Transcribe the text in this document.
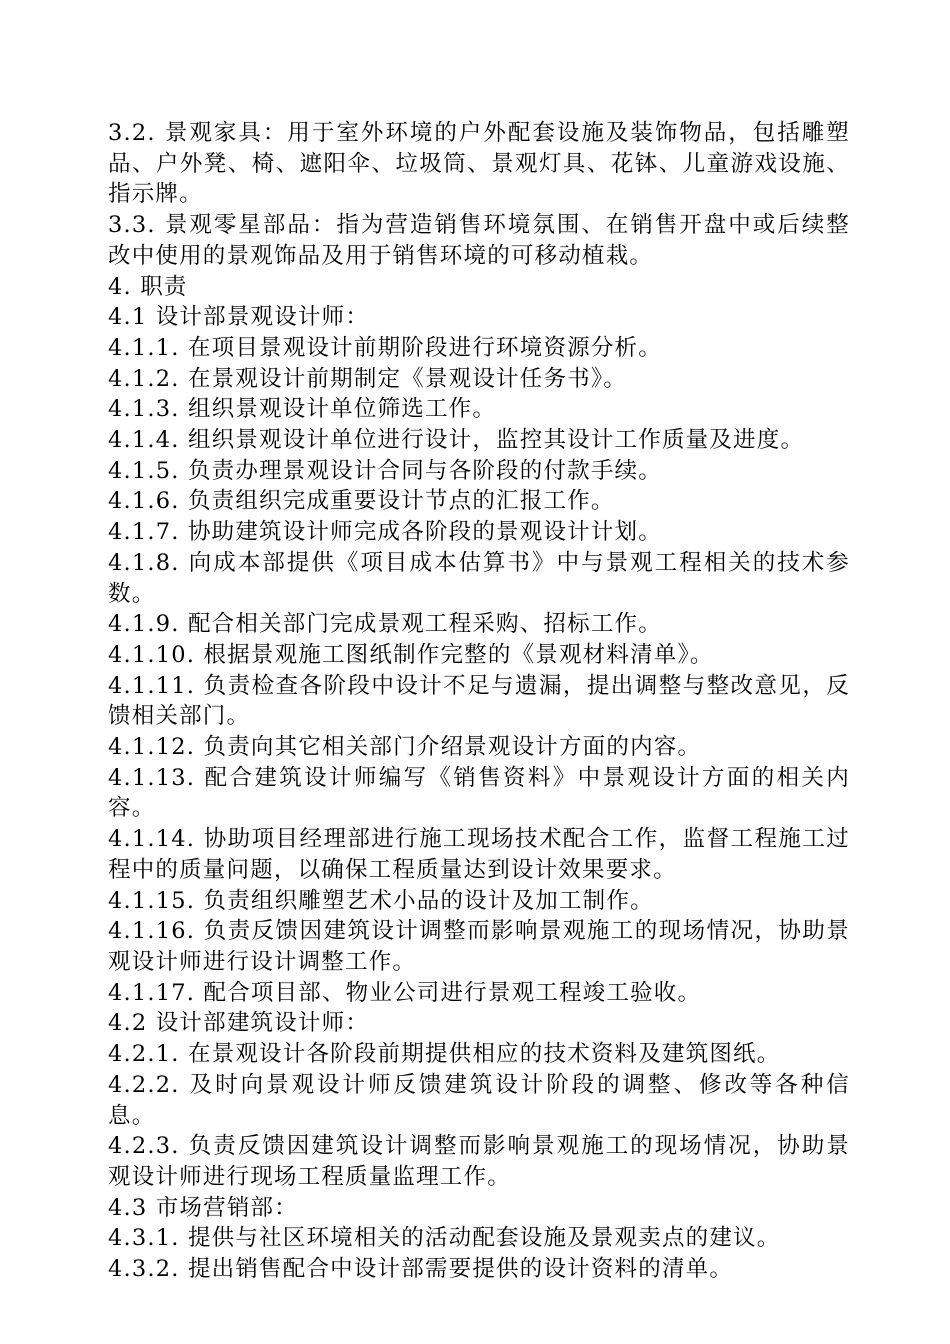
3.2. 景观家具：用于室外环境的户外配套设施及装饰物品，包括雕塑品、户外凳、椅、遮阳伞、垃圾筒、景观灯具、花钵、儿童游戏设施、指示牌。

3.3. 景观零星部品：指为营造销售环境氛围、在销售开盘中或后续整改中使用的景观饰品及用于销售环境的可移动植栽。

4. 职责

4.1 设计部景观设计师：

4.1.1. 在项目景观设计前期阶段进行环境资源分析。

4.1.2. 在景观设计前期制定《景观设计任务书》。

4.1.3. 组织景观设计单位筛选工作。

4.1.4. 组织景观设计单位进行设计，监控其设计工作质量及进度。

4.1.5. 负责办理景观设计合同与各阶段的付款手续。

4.1.6. 负责组织完成重要设计节点的汇报工作。

4.1.7. 协助建筑设计师完成各阶段的景观设计计划。

4.1.8. 向成本部提供《项目成本估算书》中与景观工程相关的技术参数。

4.1.9. 配合相关部门完成景观工程采购、招标工作。

4.1.10. 根据景观施工图纸制作完整的《景观材料清单》。

4.1.11. 负责检查各阶段中设计不足与遗漏，提出调整与整改意见，反馈相关部门。

4.1.12. 负责向其它相关部门介绍景观设计方面的内容。

4.1.13. 配合建筑设计师编写《销售资料》中景观设计方面的相关内容。

4.1.14. 协助项目经理部进行施工现场技术配合工作，监督工程施工过程中的质量问题，以确保工程质量达到设计效果要求。

4.1.15. 负责组织雕塑艺术小品的设计及加工制作。

4.1.16. 负责反馈因建筑设计调整而影响景观施工的现场情况，协助景观设计师进行设计调整工作。

4.1.17. 配合项目部、物业公司进行景观工程竣工验收。

4.2 设计部建筑设计师：

4.2.1. 在景观设计各阶段前期提供相应的技术资料及建筑图纸。

4.2.2. 及时向景观设计师反馈建筑设计阶段的调整、修改等各种信息。

4.2.3. 负责反馈因建筑设计调整而影响景观施工的现场情况，协助景观设计师进行现场工程质量监理工作。

4.3 市场营销部：

4.3.1. 提供与社区环境相关的活动配套设施及景观卖点的建议。

4.3.2. 提出销售配合中设计部需要提供的设计资料的清单。
